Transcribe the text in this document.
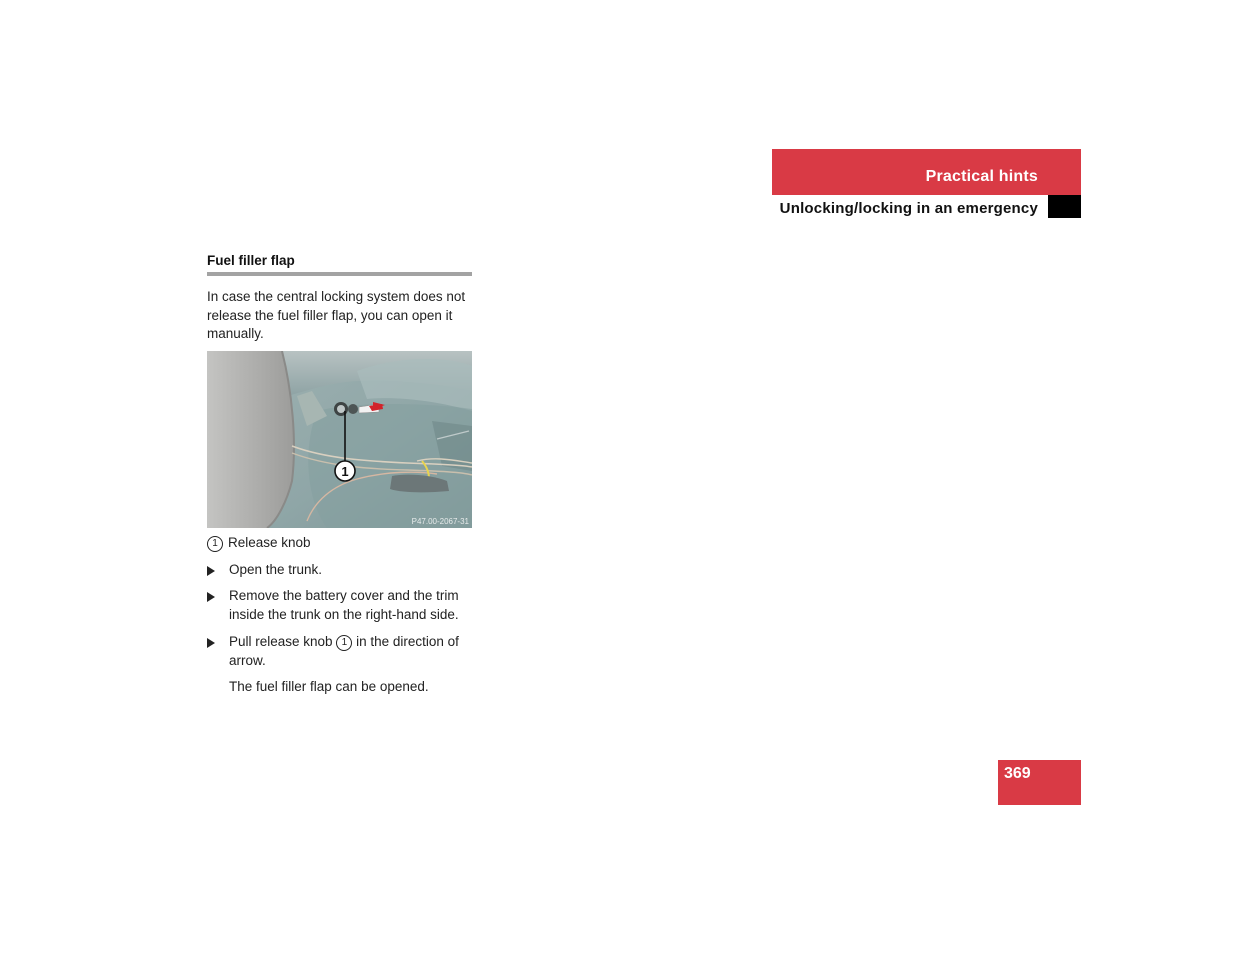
Practical hints
Unlocking/locking in an emergency
Fuel filler flap
In case the central locking system does not release the fuel filler flap, you can open it manually.
1
P47.00-2067-31
1 Release knob
Open the trunk.
Remove the battery cover and the trim inside the trunk on the right-hand side.
Pull release knob 1 in the direction of arrow.
The fuel filler flap can be opened.
369
